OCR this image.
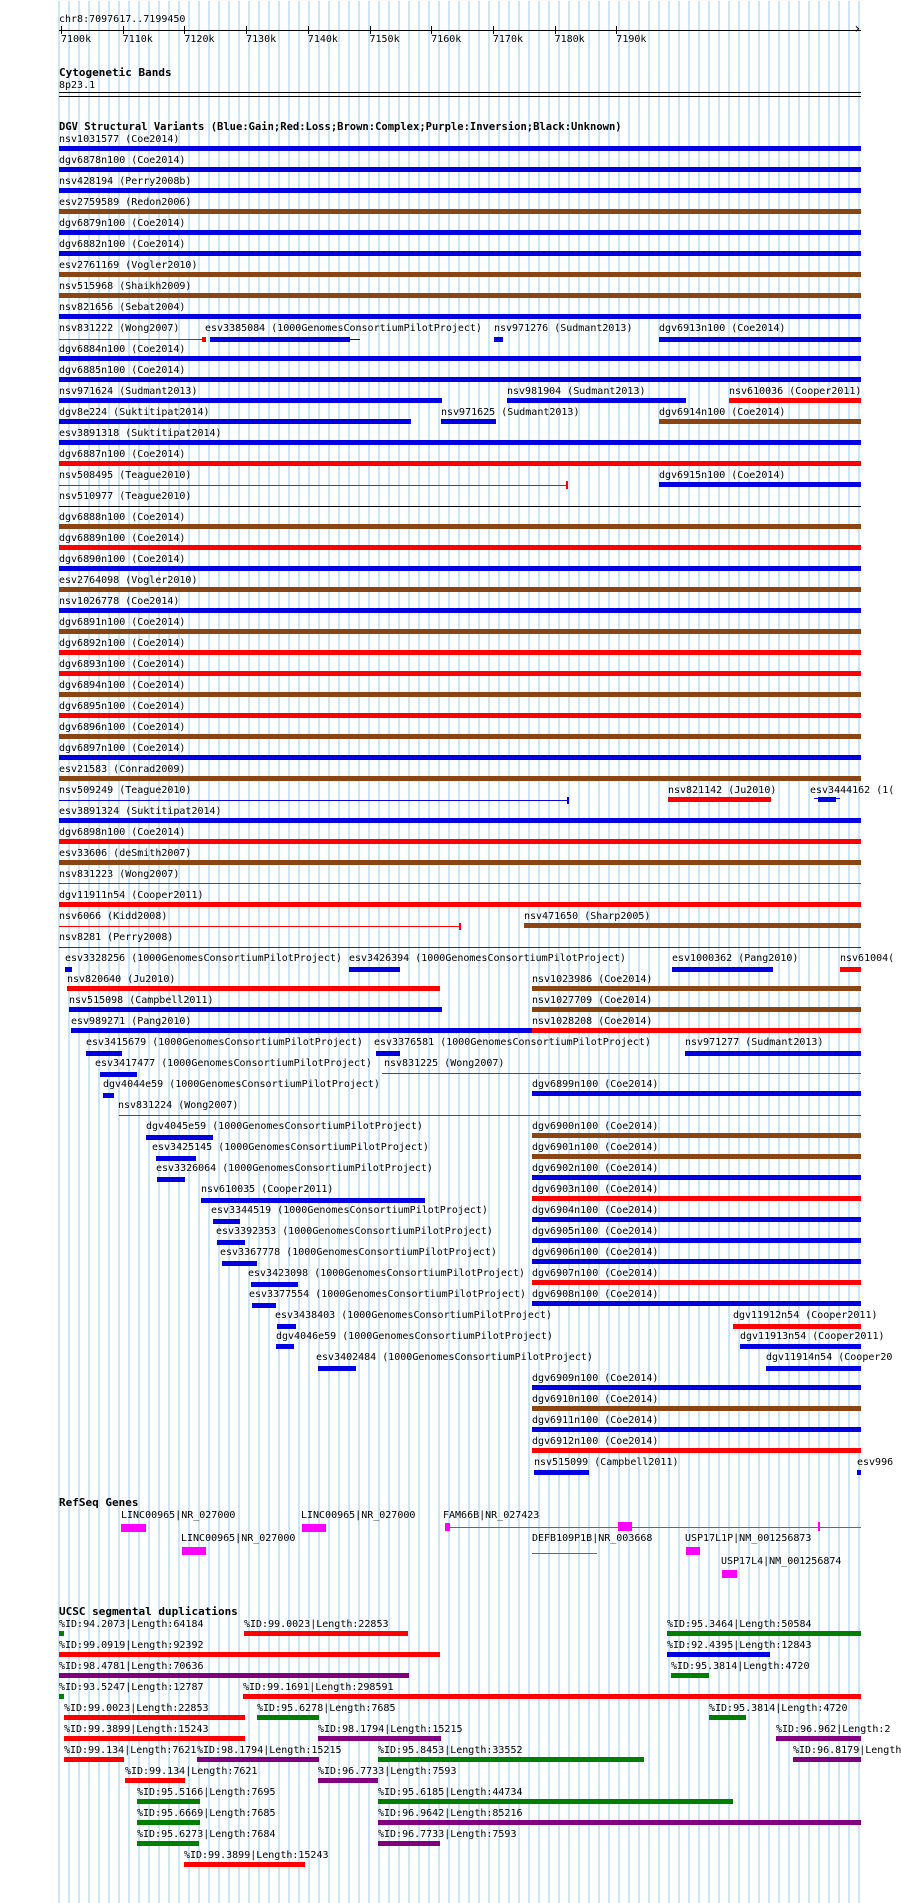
chr8:7097617..7199450
›
7100k	7110k	7120k	7130k	7140k	7150k	7160k	7170k	7180k	7190k
Cytogenetic Bands
8p23.1
DGV Structural Variants (Blue:Gain;Red:Loss;Brown:Complex;Purple:Inversion;Black:Unknown)
RefSeq Genes
UCSC segmental duplications
nsv1031577 (Coe2014)
dgv6878n100 (Coe2014)
nsv428194 (Perry2008b)
esv2759589 (Redon2006)
dgv6879n100 (Coe2014)
dgv6882n100 (Coe2014)
esv2761169 (Vogler2010)
nsv515968 (Shaikh2009)
nsv821656 (Sebat2004)
nsv831222 (Wong2007)	esv3385084 (1000GenomesConsortiumPilotProject) nsv971276 (Sudmant2013)	dgv6913n100 (Coe2014)
dgv6884n100 (Coe2014)
dgv6885n100 (Coe2014)
nsv971624 (Sudmant2013)	nsv981904 (Sudmant2013)	nsv610036 (Cooper2011)
dgv8e224 (Suktitipat2014)	nsv971625 (Sudmant2013)	dgv6914n100 (Coe2014)
esv3891318 (Suktitipat2014)
dgv6887n100 (Coe2014)
nsv508495 (Teague2010)	dgv6915n100 (Coe2014)
nsv510977 (Teague2010)
dgv6888n100 (Coe2014)
dgv6889n100 (Coe2014)
dgv6890n100 (Coe2014)
esv2764098 (Vogler2010)
nsv1026778 (Coe2014)
dgv6891n100 (Coe2014)
dgv6892n100 (Coe2014)
dgv6893n100 (Coe2014)
dgv6894n100 (Coe2014)
dgv6895n100 (Coe2014)
dgv6896n100 (Coe2014)
dgv6897n100 (Coe2014)
esv21583 (Conrad2009)
nsv509249 (Teague2010)	nsv821142 (Ju2010)	esv3444162 (1(
esv3891324 (Suktitipat2014)
dgv6898n100 (Coe2014)
esv33606 (deSmith2007)
nsv831223 (Wong2007)
dgv11911n54 (Cooper2011)
nsv6066 (Kidd2008)	nsv471650 (Sharp2005)
nsv8281 (Perry2008)
esv3328256 (1000GenomesConsortiumPilotProject) esv3426394 (1000GenomesConsortiumPilotProject)	esv1000362 (Pang2010)	nsv61004(
nsv820640 (Ju2010)	nsv1023986 (Coe2014)
nsv515098 (Campbell2011)	nsv1027709 (Coe2014)
esv989271 (Pang2010)	nsv1028208 (Coe2014)
esv3415679 (1000GenomesConsortiumPilotProject) esv3376581 (1000GenomesConsortiumPilotProject)	nsv971277 (Sudmant2013)
esv3417477 (1000GenomesConsortiumPilotProject) nsv831225 (Wong2007)
dgv4044e59 (1000GenomesConsortiumPilotProject)	dgv6899n100 (Coe2014)
nsv831224 (Wong2007)
dgv4045e59 (1000GenomesConsortiumPilotProject)	dgv6900n100 (Coe2014)
esv3425145 (1000GenomesConsortiumPilotProject)	dgv6901n100 (Coe2014)
esv3326064 (1000GenomesConsortiumPilotProject)	dgv6902n100 (Coe2014)
nsv610035 (Cooper2011)	dgv6903n100 (Coe2014)
esv3344519 (1000GenomesConsortiumPilotProject)	dgv6904n100 (Coe2014)
esv3392353 (1000GenomesConsortiumPilotProject)	dgv6905n100 (Coe2014)
esv3367778 (1000GenomesConsortiumPilotProject)	dgv6906n100 (Coe2014)
esv3423098 (1000GenomesConsortiumPilotProject) dgv6907n100 (Coe2014)
esv3377554 (1000GenomesConsortiumPilotProject) dgv6908n100 (Coe2014)
esv3438403 (1000GenomesConsortiumPilotProject)	dgv11912n54 (Cooper2011)
dgv4046e59 (1000GenomesConsortiumPilotProject)	dgv11913n54 (Cooper2011)
esv3402484 (1000GenomesConsortiumPilotProject)	dgv11914n54 (Cooper20
dgv6909n100 (Coe2014)
dgv6910n100 (Coe2014)
dgv6911n100 (Coe2014)
dgv6912n100 (Coe2014)
nsv515099 (Campbell2011)	esv996
LINC00965|NR_027000	LINC00965|NR_027000	FAM66B|NR_027423
LINC00965|NR_027000	DEFB109P1B|NR_003668	USP17L1P|NM_001256873
USP17L4|NM_001256874
%ID:94.2073|Length:64184	%ID:99.0023|Length:22853	%ID:95.3464|Length:50584
%ID:99.0919|Length:92392	%ID:92.4395|Length:12843
%ID:98.4781|Length:70636	%ID:95.3814|Length:4720
%ID:93.5247|Length:12787	%ID:99.1691|Length:298591
%ID:99.0023|Length:22853	%ID:95.6278|Length:7685	%ID:95.3814|Length:4720
%ID:99.3899|Length:15243	%ID:98.1794|Length:15215	%ID:96.962|Length:2
%ID:99.134|Length:7621 %ID:98.1794|Length:15215	%ID:95.8453|Length:33552	%ID:96.8179|Length
%ID:99.134|Length:7621	%ID:96.7733|Length:7593
%ID:95.5166|Length:7695	%ID:95.6185|Length:44734
%ID:95.6669|Length:7685	%ID:96.9642|Length:85216
%ID:95.6273|Length:7684	%ID:96.7733|Length:7593
%ID:99.3899|Length:15243
